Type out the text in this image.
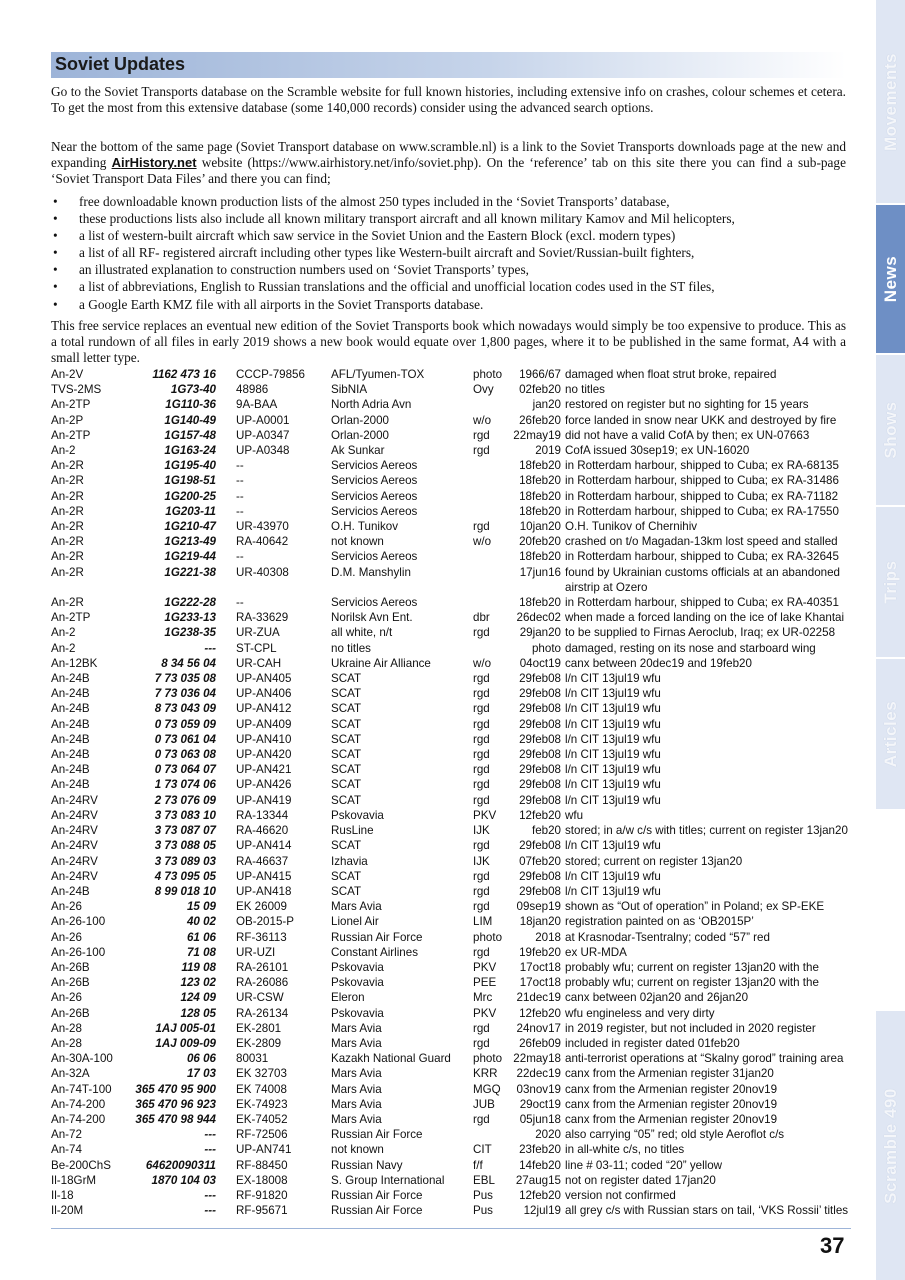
Soviet Updates

Go to the Soviet Transports database on the Scramble website for full known histories, including extensive info on crashes, colour schemes et cetera. To get the most from this extensive database (some 140,000 records) consider using the advanced search options.

Near the bottom of the same page (Soviet Transport database on www.scramble.nl) is a link to the Soviet Transports downloads page at the new and expanding AirHistory.net website (https://www.airhistory.net/info/soviet.php). On the ‘reference’ tab on this site there you can find a sub-page ‘Soviet Transport Data Files’ and there you can find;

• free downloadable known production lists of the almost 250 types included in the ‘Soviet Transports’ database,
• these productions lists also include all known military transport aircraft and all known military Kamov and Mil helicopters,
• a list of western-built aircraft which saw service in the Soviet Union and the Eastern Block (excl. modern types)
• a list of all RF- registered aircraft including other types like Western-built aircraft and Soviet/Russian-built fighters,
• an illustrated explanation to construction numbers used on ‘Soviet Transports’ types,
• a list of abbreviations, English to Russian translations and the official and unofficial location codes used in the ST files,
• a Google Earth KMZ file with all airports in the Soviet Transports database.

This free service replaces an eventual new edition of the Soviet Transports book which nowadays would simply be too expensive to produce. This as a total rundown of all files in early 2019 shows a new book would equate over 1,800 pages, where it to be published in the same format, A4 with a small letter type.

An-2V	1162 473 16	CCCP-79856	AFL/Tyumen-TOX	photo	1966/67	damaged when float strut broke, repaired
TVS-2MS	1G73-40	48986	SibNIA	Ovy	02feb20	no titles
An-2TP	1G110-36	9A-BAA	North Adria Avn		jan20	restored on register but no sighting for 15 years
An-2P	1G140-49	UP-A0001	Orlan-2000	w/o	26feb20	force landed in snow near UKK and destroyed by fire
An-2TP	1G157-48	UP-A0347	Orlan-2000	rgd	22may19	did not have a valid CofA by then; ex UN-07663
An-2	1G163-24	UP-A0348	Ak Sunkar	rgd	2019	CofA issued 30sep19; ex UN-16020
An-2R	1G195-40	--	Servicios Aereos		18feb20	in Rotterdam harbour, shipped to Cuba; ex RA-68135
An-2R	1G198-51	--	Servicios Aereos		18feb20	in Rotterdam harbour, shipped to Cuba; ex RA-31486
An-2R	1G200-25	--	Servicios Aereos		18feb20	in Rotterdam harbour, shipped to Cuba; ex RA-71182
An-2R	1G203-11	--	Servicios Aereos		18feb20	in Rotterdam harbour, shipped to Cuba; ex RA-17550
An-2R	1G210-47	UR-43970	O.H. Tunikov	rgd	10jan20	O.H. Tunikov of Chernihiv
An-2R	1G213-49	RA-40642	not known	w/o	20feb20	crashed on t/o Magadan-13km lost speed and stalled
An-2R	1G219-44	--	Servicios Aereos		18feb20	in Rotterdam harbour, shipped to Cuba; ex RA-32645
An-2R	1G221-38	UR-40308	D.M. Manshylin		17jun16	found by Ukrainian customs officials at an abandoned airstrip at Ozero
An-2R	1G222-28	--	Servicios Aereos		18feb20	in Rotterdam harbour, shipped to Cuba; ex RA-40351
An-2TP	1G233-13	RA-33629	Norilsk Avn Ent.	dbr	26dec02	when made a forced landing on the ice of lake Khantai
An-2	1G238-35	UR-ZUA	all white, n/t	rgd	29jan20	to be supplied to Firnas Aeroclub, Iraq; ex UR-02258
An-2	---	ST-CPL	no titles		photo	damaged, resting on its nose and starboard wing
An-12BK	8 34 56 04	UR-CAH	Ukraine Air Alliance	w/o	04oct19	canx between 20dec19 and 19feb20
An-24B	7 73 035 08	UP-AN405	SCAT	rgd	29feb08	l/n CIT 13jul19 wfu
An-24B	7 73 036 04	UP-AN406	SCAT	rgd	29feb08	l/n CIT 13jul19 wfu
An-24B	8 73 043 09	UP-AN412	SCAT	rgd	29feb08	l/n CIT 13jul19 wfu
An-24B	0 73 059 09	UP-AN409	SCAT	rgd	29feb08	l/n CIT 13jul19 wfu
An-24B	0 73 061 04	UP-AN410	SCAT	rgd	29feb08	l/n CIT 13jul19 wfu
An-24B	0 73 063 08	UP-AN420	SCAT	rgd	29feb08	l/n CIT 13jul19 wfu
An-24B	0 73 064 07	UP-AN421	SCAT	rgd	29feb08	l/n CIT 13jul19 wfu
An-24B	1 73 074 06	UP-AN426	SCAT	rgd	29feb08	l/n CIT 13jul19 wfu
An-24RV	2 73 076 09	UP-AN419	SCAT	rgd	29feb08	l/n CIT 13jul19 wfu
An-24RV	3 73 083 10	RA-13344	Pskovavia	PKV	12feb20	wfu
An-24RV	3 73 087 07	RA-46620	RusLine	IJK	feb20	stored; in a/w c/s with titles; current on register 13jan20
An-24RV	3 73 088 05	UP-AN414	SCAT	rgd	29feb08	l/n CIT 13jul19 wfu
An-24RV	3 73 089 03	RA-46637	Izhavia	IJK	07feb20	stored; current on register 13jan20
An-24RV	4 73 095 05	UP-AN415	SCAT	rgd	29feb08	l/n CIT 13jul19 wfu
An-24B	8 99 018 10	UP-AN418	SCAT	rgd	29feb08	l/n CIT 13jul19 wfu
An-26	15 09	EK 26009	Mars Avia	rgd	09sep19	shown as “Out of operation” in Poland; ex SP-EKE
An-26-100	40 02	OB-2015-P	Lionel Air	LIM	18jan20	registration painted on as ‘OB2015P’
An-26	61 06	RF-36113	Russian Air Force	photo	2018	at Krasnodar-Tsentralny; coded “57” red
An-26-100	71 08	UR-UZI	Constant Airlines	rgd	19feb20	ex UR-MDA
An-26B	119 08	RA-26101	Pskovavia	PKV	17oct18	probably wfu; current on register 13jan20 with the
An-26B	123 02	RA-26086	Pskovavia	PEE	17oct18	probably wfu; current on register 13jan20 with the
An-26	124 09	UR-CSW	Eleron	Mrc	21dec19	canx between 02jan20 and 26jan20
An-26B	128 05	RA-26134	Pskovavia	PKV	12feb20	wfu engineless and very dirty
An-28	1AJ 005-01	EK-2801	Mars Avia	rgd	24nov17	in 2019 register, but not included in 2020 register
An-28	1AJ 009-09	EK-2809	Mars Avia	rgd	26feb09	included in register dated 01feb20
An-30A-100	06 06	80031	Kazakh National Guard	photo	22may18	anti-terrorist operations at “Skalny gorod” training area
An-32A	17 03	EK 32703	Mars Avia	KRR	22dec19	canx from the Armenian register 31jan20
An-74T-100	365 470 95 900	EK 74008	Mars Avia	MGQ	03nov19	canx from the Armenian register 20nov19
An-74-200	365 470 96 923	EK-74923	Mars Avia	JUB	29oct19	canx from the Armenian register 20nov19
An-74-200	365 470 98 944	EK-74052	Mars Avia	rgd	05jun18	canx from the Armenian register 20nov19
An-72	---	RF-72506	Russian Air Force		2020	also carrying “05” red; old style Aeroflot c/s
An-74	---	UP-AN741	not known	CIT	23feb20	in all-white c/s, no titles
Be-200ChS	64620090311	RF-88450	Russian Navy	f/f	14feb20	line # 03-11; coded “20” yellow
Il-18GrM	1870 104 03	EX-18008	S. Group International	EBL	27aug15	not on register dated 17jan20
Il-18	---	RF-91820	Russian Air Force	Pus	12feb20	version not confirmed
Il-20M	---	RF-95671	Russian Air Force	Pus	12jul19	all grey c/s with Russian stars on tail, ‘VKS Rossii’ titles
Movements
News
Shows
Trips
Articles
Scramble 490
37
